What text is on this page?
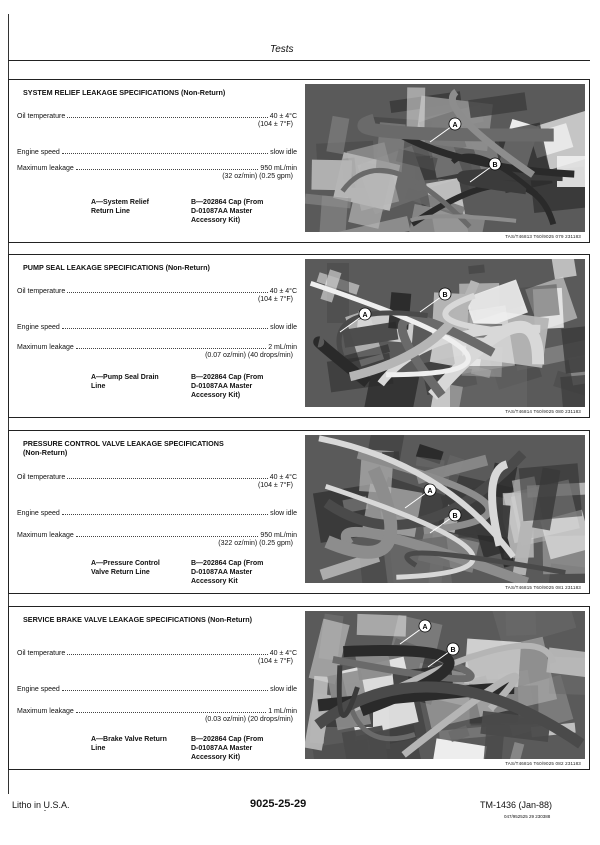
Tests
SYSTEM RELIEF LEAKAGE SPECIFICATIONS (Non-Return)
Oil temperature	40 ± 4°C
(104 ± 7°F)
Engine speed	slow idle
Maximum leakage	950 mL/min
(32 oz/min) (0.25 gpm)
A—System Relief
Return Line
B—202864 Cap (From
D-01087AA Master
Accessory Kit)
A
B
TAS/T46813 T60/9025 079 231183
PUMP SEAL LEAKAGE SPECIFICATIONS (Non-Return)
Oil temperature	40 ± 4°C
(104 ± 7°F)
Engine speed	slow idle
Maximum leakage	2 mL/min
(0.07 oz/min) (40 drops/min)
A—Pump Seal Drain
Line
B—202864 Cap (From
D-01087AA Master
Accessory Kit)
B
A
TAS/T46814 T60/9025 080 231183
PRESSURE CONTROL VALVE LEAKAGE SPECIFICATIONS
(Non-Return)
Oil temperature	40 ± 4°C
(104 ± 7°F)
Engine speed	slow idle
Maximum leakage	950 mL/min
(322 oz/min) (0.25 gpm)
A—Pressure Control
Valve Return Line
B—202864 Cap (From
D-01087AA Master
Accessory Kit
A
B
TAS/T46815 T60/9025 081 231183
SERVICE BRAKE VALVE LEAKAGE SPECIFICATIONS (Non-Return)
Oil temperature	40 ± 4°C
(104 ± 7°F)
Engine speed	slow idle
Maximum leakage	1 mL/min
(0.03 oz/min) (20 drops/min)
A—Brake Valve Return
Line
B—202864 Cap (From
D-01087AA Master
Accessory Kit)
A
B
TAS/T46816 T60/9025 082 231183
Litho in U.S.A.
ˇ
9025-25-29	TM-1436 (Jan-88)
047/952525 29 230388
